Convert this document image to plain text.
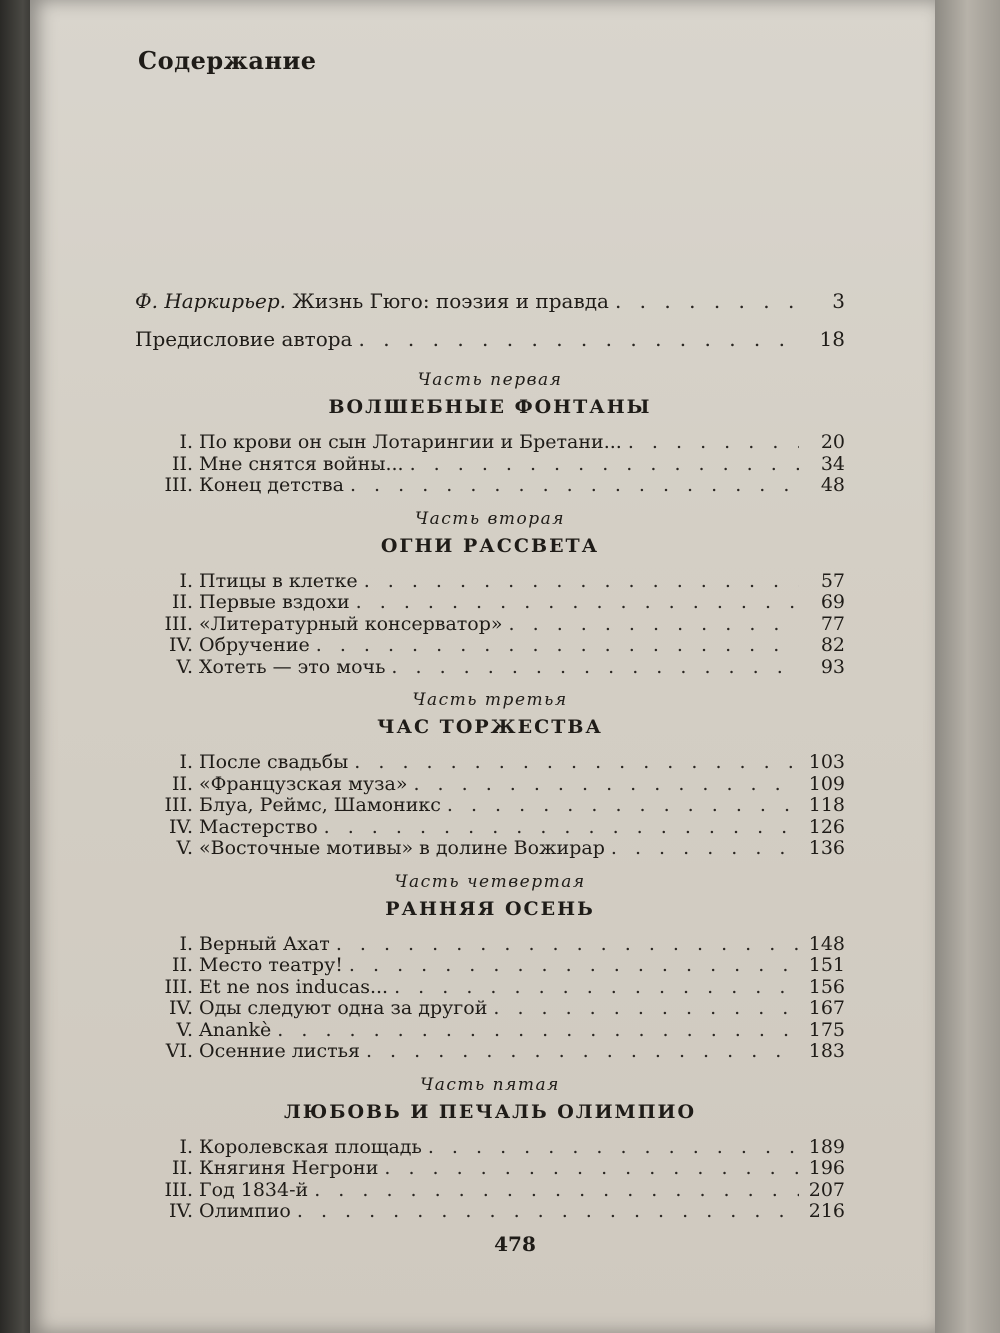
Содержание
Ф. Наркирьер. Жизнь Гюго: поэзия и правда . . .	3
Предисловие автора . . .	18
Часть первая
ВОЛШЕБНЫЕ ФОНТАНЫ
I. По крови он сын Лотарингии и Бретани... . . .	20
II. Мне снятся войны... . . .	34
III. Конец детства . . .	48
Часть вторая
ОГНИ РАССВЕТА
I. Птицы в клетке . . .	57
II. Первые вздохи . . .	69
III. «Литературный консерватор» . . .	77
IV. Обручение . . .	82
V. Хотеть — это мочь . . .	93
Часть третья
ЧАС ТОРЖЕСТВА
I. После свадьбы . . .	103
II. «Французская муза» . . .	109
III. Блуа, Реймс, Шамоникс . . .	118
IV. Мастерство . . .	126
V. «Восточные мотивы» в долине Вожирар . . .	136
Часть четвертая
РАННЯЯ ОСЕНЬ
I. Верный Ахат . . .	148
II. Место театру! . . .	151
III. Et ne nos inducas... . . .	156
IV. Оды следуют одна за другой . . .	167
V. Anankè . . .	175
VI. Осенние листья . . .	183
Часть пятая
ЛЮБОВЬ И ПЕЧАЛЬ ОЛИМПИО
I. Королевская площадь . . .	189
II. Княгиня Негрони . . .	196
III. Год 1834-й . . .	207
IV. Олимпио . . .	216
478
